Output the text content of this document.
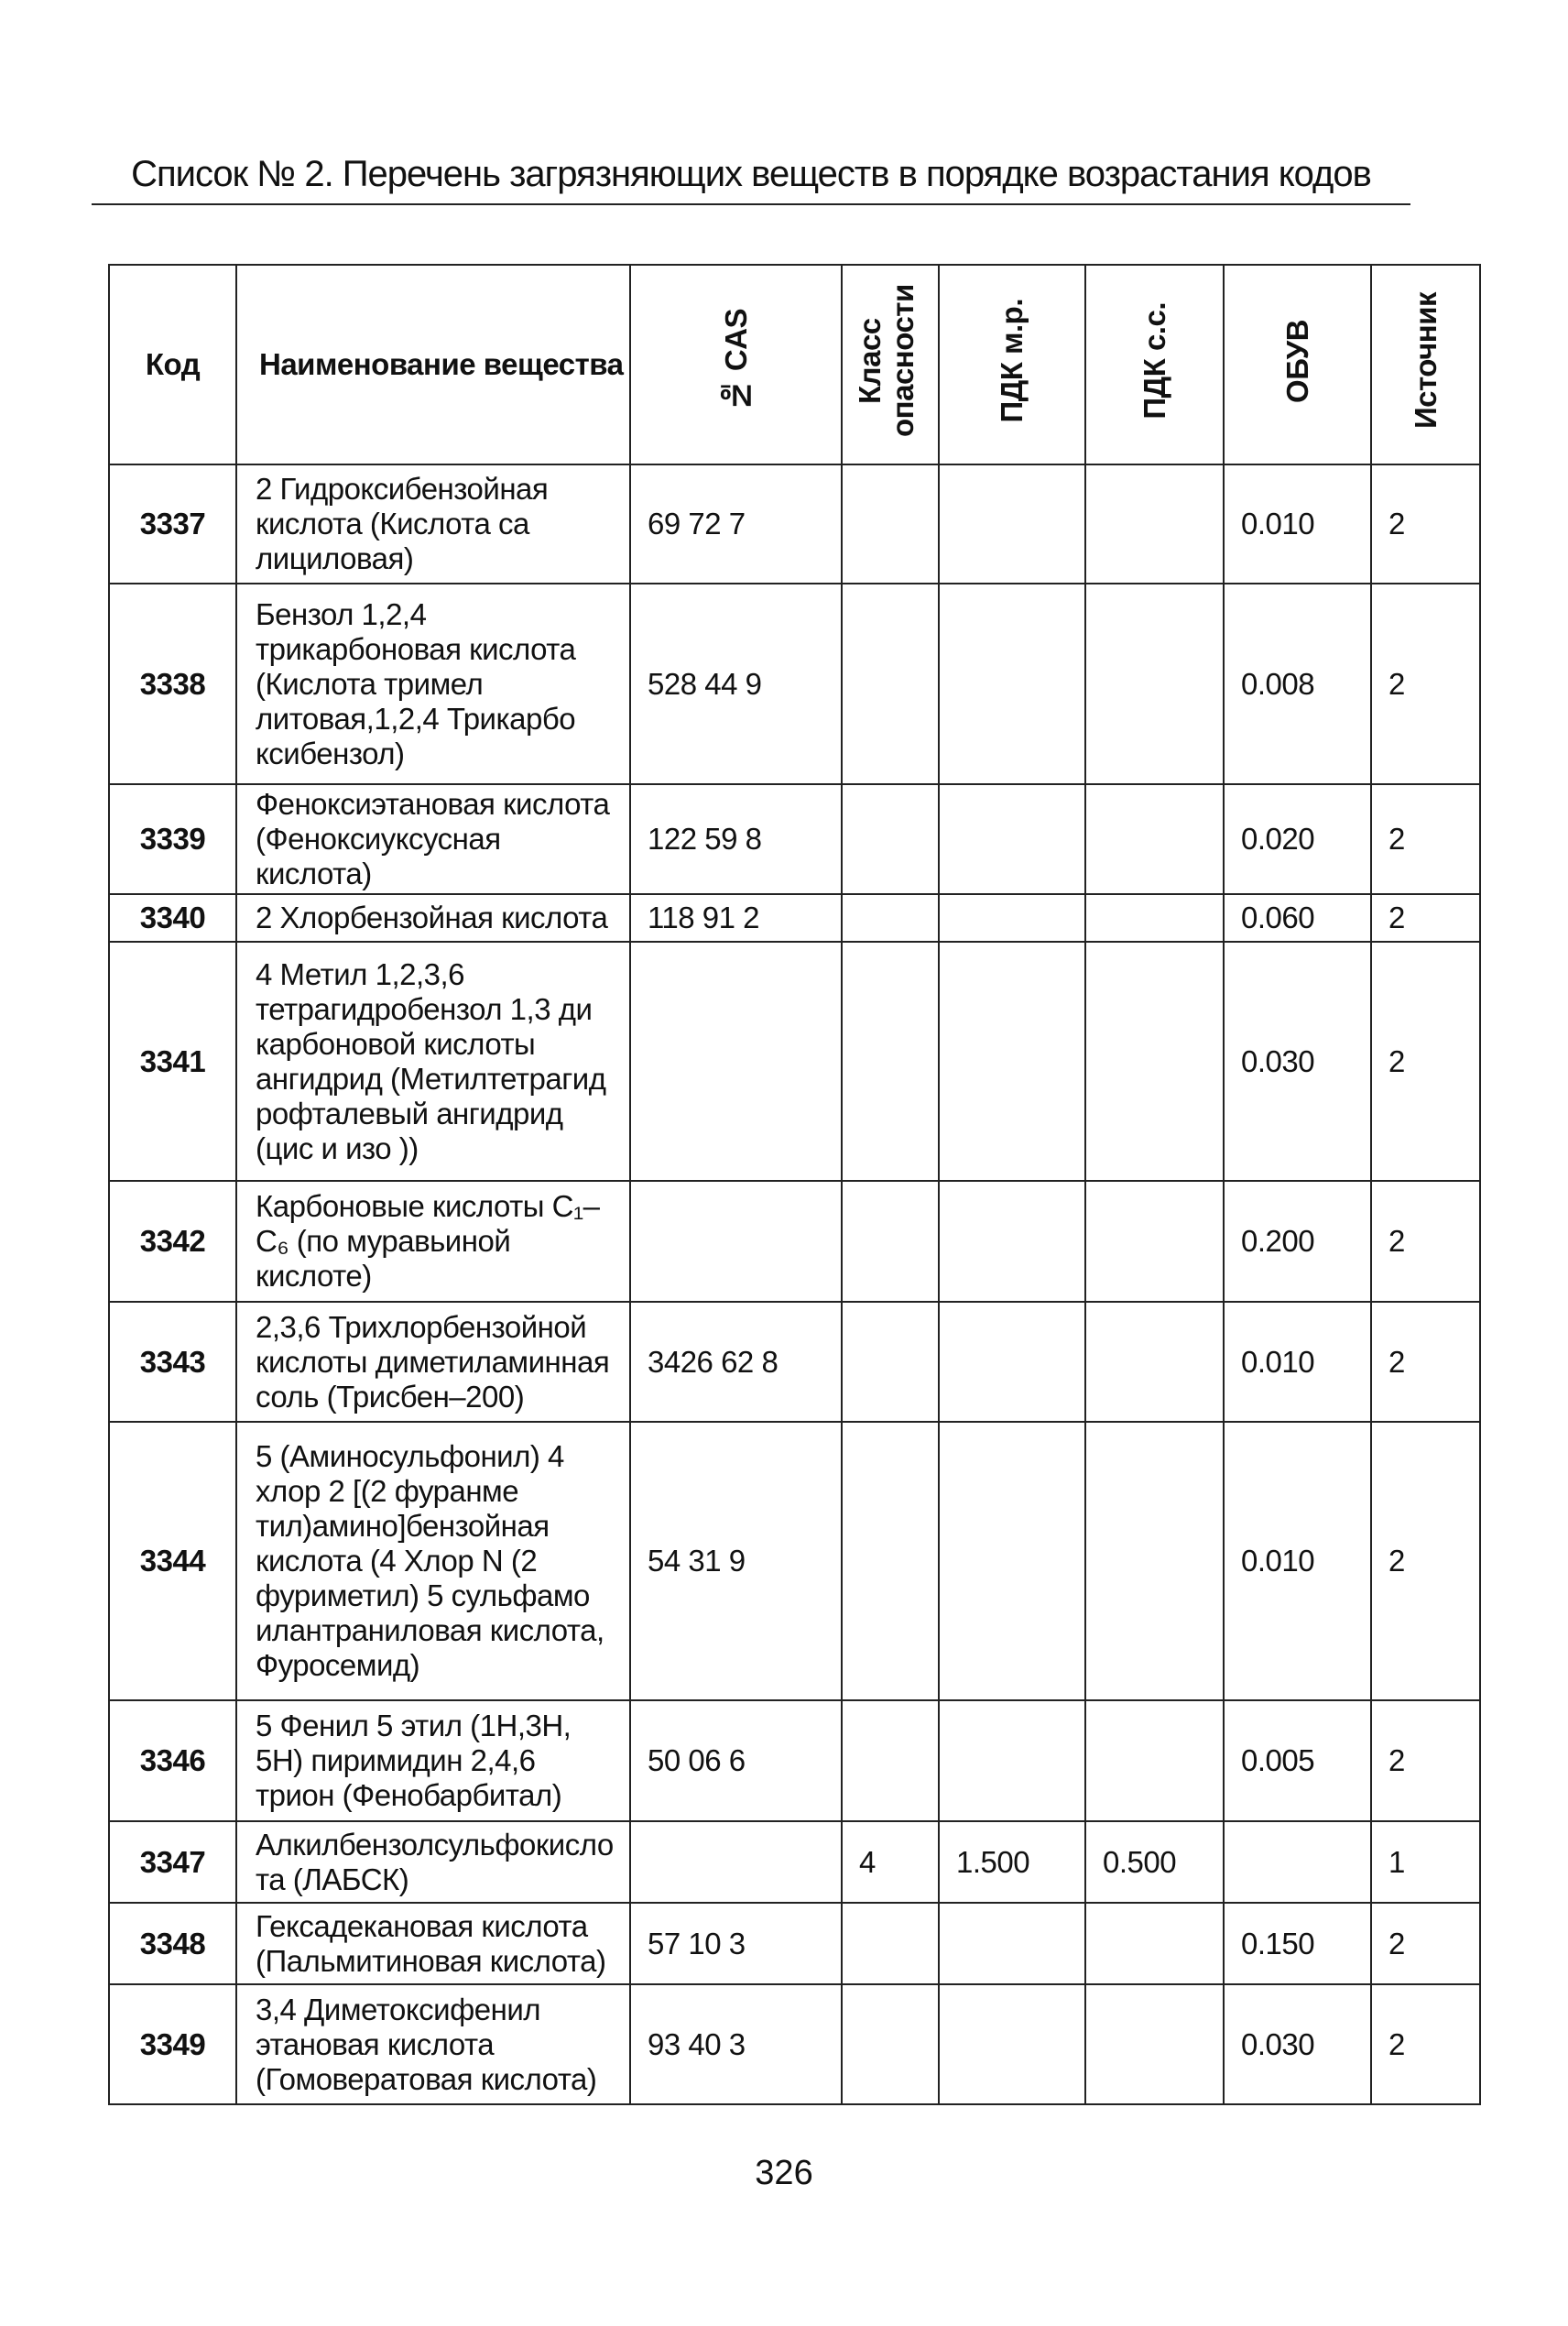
Список № 2. Перечень загрязняющих веществ в порядке возрастания кодов
Код	Наименование вещества	№ CAS	Класс опасности	ПДК м.р.	ПДК с.с.	ОБУВ	Источник
3337	2 Гидроксибензойная кислота (Кислота са лициловая)	69 72 7				0.010	2
3338	Бензол 1,2,4 трикарбоновая кислота (Кислота тримел литовая,1,2,4 Трикарбо ксибензол)	528 44 9				0.008	2
3339	Феноксиэтановая кислота (Феноксиуксусная кислота)	122 59 8				0.020	2
3340	2 Хлорбензойная кислота	118 91 2				0.060	2
3341	4 Метил 1,2,3,6 тетрагидробензол 1,3 ди карбоновой кислоты ангидрид (Метилтетрагид рофталевый ангидрид (цис и изо ))					0.030	2
3342	Карбоновые кислоты С₁–С₆ (по муравьиной кислоте)					0.200	2
3343	2,3,6 Трихлорбензойной кислоты диметиламинная соль (Трисбен–200)	3426 62 8				0.010	2
3344	5 (Аминосульфонил) 4 хлор 2 [(2 фуранме тил)амино]бензойная кислота (4 Хлор N (2 фуриметил) 5 сульфамо илантраниловая кислота, Фуросемид)	54 31 9				0.010	2
3346	5 Фенил 5 этил (1Н,3Н, 5Н) пиримидин 2,4,6 трион (Фенобарбитал)	50 06 6				0.005	2
3347	Алкилбензолсульфокисло та (ЛАБСК)		4	1.500	0.500		1
3348	Гексадекановая кислота (Пальмитиновая кислота)	57 10 3				0.150	2
3349	3,4 Диметоксифенил этановая кислота (Гомовератовая кислота)	93 40 3				0.030	2
326
